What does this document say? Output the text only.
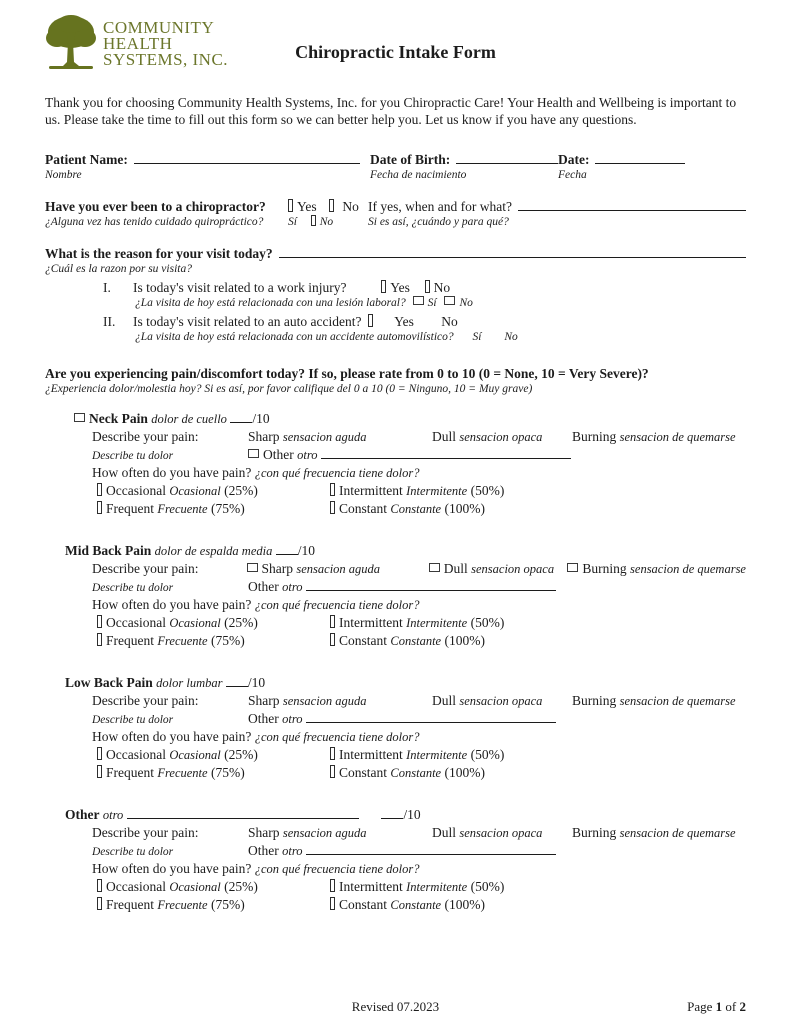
COMMUNITY
HEALTH
SYSTEMS, INC.	Chiropractic Intake Form
Thank you for choosing Community Health Systems, Inc. for you Chiropractic Care! Your Health and Wellbeing is important to us. Please take the time to fill out this form so we can better help you. Let us know if you have any questions.
Patient Name:	Date of Birth:	Date:
Nombre	Fecha de nacimiento	Fecha
Have you ever been to a chiropractor?	Yes No If yes, when and for what?
¿Alguna vez has tenido cuidado quiropráctico?	Sí No	Si es así, ¿cuándo y para qué?
What is the reason for your visit today?
¿Cuál es la razon por su visita?
I. Is today's visit related to a work injury?	Yes No
¿La visita de hoy está relacionada con una lesión laboral? Sí No
II. Is today's visit related to an auto accident? Yes No
¿La visita de hoy está relacionada con un accidente automovilístico? Sí No
Are you experiencing pain/discomfort today? If so, please rate from 0 to 10 (0 = None, 10 = Very Severe)?
¿Experiencia dolor/molestia hoy? Si es así, por favor califique del 0 a 10 (0 = Ninguno, 10 = Muy grave)
Neck Pain dolor de cuello /10
Describe your pain:	Sharp sensacion aguda	Dull sensacion opaca	Burning sensacion de quemarse
Describe tu dolor	Other otro
How often do you have pain? ¿con qué frecuencia tiene dolor?
Occasional Ocasional (25%)	Intermittent Intermitente (50%)
Frequent Frecuente (75%)	Constant Constante (100%)
Mid Back Pain dolor de espalda media /10
Describe your pain:	Sharp sensacion aguda	Dull sensacion opaca	Burning sensacion de quemarse
Describe tu dolor	Other otro
How often do you have pain? ¿con qué frecuencia tiene dolor?
Occasional Ocasional (25%)	Intermittent Intermitente (50%)
Frequent Frecuente (75%)	Constant Constante (100%)
Low Back Pain dolor lumbar /10
Describe your pain:	Sharp sensacion aguda	Dull sensacion opaca	Burning sensacion de quemarse
Describe tu dolor	Other otro
How often do you have pain? ¿con qué frecuencia tiene dolor?
Occasional Ocasional (25%)	Intermittent Intermitente (50%)
Frequent Frecuente (75%)	Constant Constante (100%)
Other otro	/10
Describe your pain:	Sharp sensacion aguda	Dull sensacion opaca	Burning sensacion de quemarse
Describe tu dolor	Other otro
How often do you have pain? ¿con qué frecuencia tiene dolor?
Occasional Ocasional (25%)	Intermittent Intermitente (50%)
Frequent Frecuente (75%)	Constant Constante (100%)
Revised 07.2023	Page 1 of 2
